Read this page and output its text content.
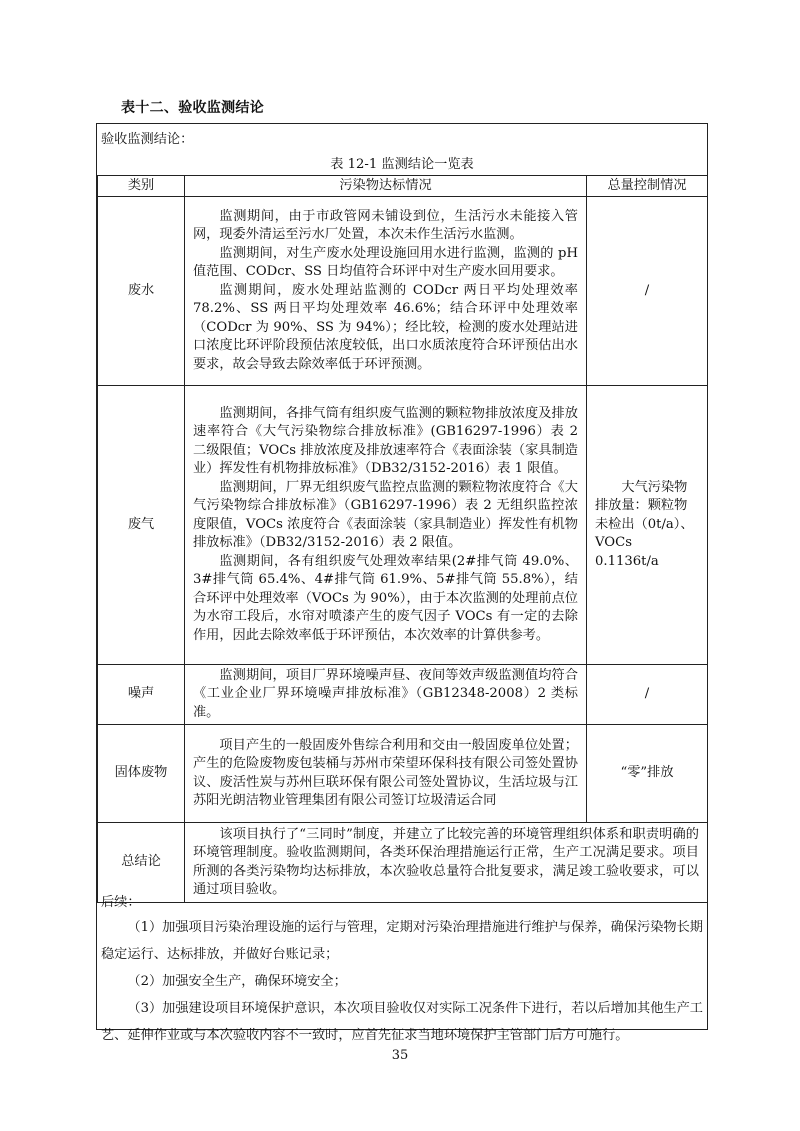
表十二、验收监测结论
验收监测结论：
表 12-1 监测结论一览表
类别	污染物达标情况	总量控制情况
废水	监测期间，由于市政管网未铺设到位，生活污水未能接入管网，现委外清运至污水厂处置，本次未作生活污水监测。

监测期间，对生产废水处理设施回用水进行监测，监测的 pH 值范围、CODcr、SS 日均值符合环评中对生产废水回用要求。

监测期间，废水处理站监测的 CODcr 两日平均处理效率 78.2%、SS 两日平均处理效率 46.6%；结合环评中处理效率（CODcr 为 90%、SS 为 94%）；经比较，检测的废水处理站进口浓度比环评阶段预估浓度较低，出口水质浓度符合环评预估出水要求，故会导致去除效率低于环评预测。	/
废气	监测期间，各排气筒有组织废气监测的颗粒物排放浓度及排放速率符合《大气污染物综合排放标准》(GB16297-1996）表 2 二级限值；VOCs 排放浓度及排放速率符合《表面涂装（家具制造业）挥发性有机物排放标准》（DB32/3152-2016）表 1 限值。

监测期间，厂界无组织废气监控点监测的颗粒物浓度符合《大气污染物综合排放标准》（GB16297-1996）表 2 无组织监控浓度限值，VOCs 浓度符合《表面涂装（家具制造业）挥发性有机物排放标准》（DB32/3152-2016）表 2 限值。

监测期间，各有组织废气处理效率结果(2#排气筒 49.0%、3#排气筒 65.4%、4#排气筒 61.9%、5#排气筒 55.8%），结合环评中处理效率（VOCs 为 90%），由于本次监测的处理前点位为水帘工段后，水帘对喷漆产生的废气因子 VOCs 有一定的去除作用，因此去除效率低于环评预估，本次效率的计算供参考。	大气污染物排放量：颗粒物未检出（0t/a）、VOCs 0.1136t/a

噪声	监测期间，项目厂界环境噪声昼、夜间等效声级监测值均符合《工业企业厂界环境噪声排放标准》（GB12348-2008）2 类标准。	/
固体废物	项目产生的一般固废外售综合利用和交由一般固废单位处置；产生的危险废物废包装桶与苏州市荣望环保科技有限公司签处置协议、废活性炭与苏州巨联环保有限公司签处置协议，生活垃圾与江苏阳光朗洁物业管理集团有限公司签订垃圾清运合同	“零”排放
总结论	该项目执行了“三同时”制度，并建立了比较完善的环境管理组织体系和职责明确的环境管理制度。验收监测期间，各类环保治理措施运行正常，生产工况满足要求。项目所测的各类污染物均达标排放，本次验收总量符合批复要求，满足竣工验收要求，可以通过项目验收。	

后续：

（1）加强项目污染治理设施的运行与管理，定期对污染治理措施进行维护与保养，确保污染物长期稳定运行、达标排放，并做好台账记录；

（2）加强安全生产，确保环境安全；

（3）加强建设项目环境保护意识，本次项目验收仅对实际工况条件下进行，若以后增加其他生产工艺、延伸作业或与本次验收内容不一致时，应首先征求当地环境保护主管部门后方可施行。

35
